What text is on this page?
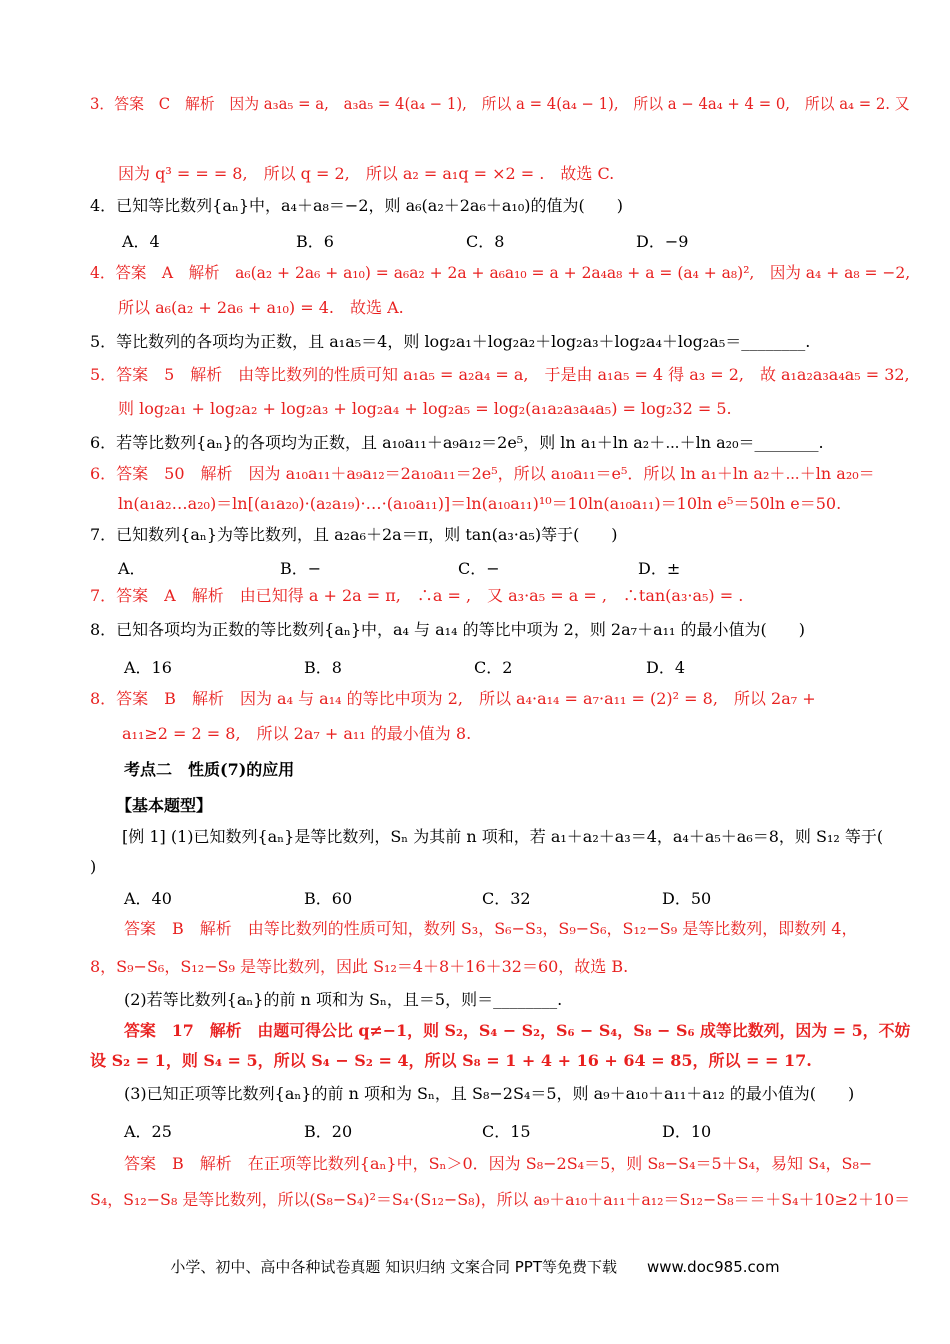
3．答案　C　解析　因为 a₃a₅ = a,　a₃a₅ = 4(a₄ − 1),　所以 a = 4(a₄ − 1),　所以 a − 4a₄ + 4 = 0,　所以 a₄ = 2. 又
因为 q³ = = = 8,　所以 q = 2,　所以 a₂ = a₁q = ×2 = .　故选 C.
4．已知等比数列{aₙ}中，a₄＋a₈＝−2，则 a₆(a₂＋2a₆＋a₁₀)的值为(　　)
A．4	B．6	C．8	D．−9
4．答案　A　解析　a₆(a₂ + 2a₆ + a₁₀) = a₆a₂ + 2a + a₆a₁₀ = a + 2a₄a₈ + a = (a₄ + a₈)²,　因为 a₄ + a₈ = −2,
所以 a₆(a₂ + 2a₆ + a₁₀) = 4.　故选 A.
5．等比数列的各项均为正数，且 a₁a₅＝4，则 log₂a₁＋log₂a₂＋log₂a₃＋log₂a₄＋log₂a₅＝________.
5．答案　5　解析　由等比数列的性质可知 a₁a₅ = a₂a₄ = a,　于是由 a₁a₅ = 4 得 a₃ = 2,　故 a₁a₂a₃a₄a₅ = 32,
则 log₂a₁ + log₂a₂ + log₂a₃ + log₂a₄ + log₂a₅ = log₂(a₁a₂a₃a₄a₅) = log₂32 = 5.
6．若等比数列{aₙ}的各项均为正数，且 a₁₀a₁₁＋a₉a₁₂＝2e⁵，则 ln a₁＋ln a₂＋⋯＋ln a₂₀＝________.
6．答案　50　解析　因为 a₁₀a₁₁＋a₉a₁₂＝2a₁₀a₁₁＝2e⁵，所以 a₁₀a₁₁＝e⁵．所以 ln a₁＋ln a₂＋⋯＋ln a₂₀＝
ln(a₁a₂…a₂₀)＝ln[(a₁a₂₀)·(a₂a₁₉)·…·(a₁₀a₁₁)]＝ln(a₁₀a₁₁)¹⁰＝10ln(a₁₀a₁₁)＝10ln e⁵＝50ln e＝50.
7．已知数列{aₙ}为等比数列，且 a₂a₆＋2a＝π，则 tan(a₃·a₅)等于(　　)
A．	B．−	C．−	D．±
7．答案　A　解析　由已知得 a + 2a = π,　∴a = ,　又 a₃·a₅ = a = ,　∴tan(a₃·a₅) = .
8．已知各项均为正数的等比数列{aₙ}中，a₄ 与 a₁₄ 的等比中项为 2，则 2a₇＋a₁₁ 的最小值为(　　)
A．16	B．8	C．2	D．4
8．答案　B　解析　因为 a₄ 与 a₁₄ 的等比中项为 2,　所以 a₄·a₁₄ = a₇·a₁₁ = (2)² = 8,　所以 2a₇ +
a₁₁≥2 = 2 = 8,　所以 2a₇ + a₁₁ 的最小值为 8.
考点二　性质(7)的应用
【基本题型】
[例 1] (1)已知数列{aₙ}是等比数列，Sₙ 为其前 n 项和，若 a₁＋a₂＋a₃＝4，a₄＋a₅＋a₆＝8，则 S₁₂ 等于(
)
A．40	B．60	C．32	D．50
答案　B　解析　由等比数列的性质可知，数列 S₃，S₆−S₃，S₉−S₆，S₁₂−S₉ 是等比数列，即数列 4，
8，S₉−S₆，S₁₂−S₉ 是等比数列，因此 S₁₂＝4＋8＋16＋32＝60，故选 B.
(2)若等比数列{aₙ}的前 n 项和为 Sₙ，且＝5，则＝________.
答案　17　解析　由题可得公比 q≠−1，则 S₂，S₄ − S₂，S₆ − S₄，S₈ − S₆ 成等比数列，因为 = 5，不妨
设 S₂ = 1，则 S₄ = 5，所以 S₄ − S₂ = 4，所以 S₈ = 1 + 4 + 16 + 64 = 85，所以 = = 17.
(3)已知正项等比数列{aₙ}的前 n 项和为 Sₙ，且 S₈−2S₄＝5，则 a₉＋a₁₀＋a₁₁＋a₁₂ 的最小值为(　　)
A．25	B．20	C．15	D．10
答案　B　解析　在正项等比数列{aₙ}中，Sₙ＞0．因为 S₈−2S₄＝5，则 S₈−S₄＝5＋S₄，易知 S₄，S₈−
S₄，S₁₂−S₈ 是等比数列，所以(S₈−S₄)²＝S₄·(S₁₂−S₈)，所以 a₉＋a₁₀＋a₁₁＋a₁₂＝S₁₂−S₈＝＝＋S₄＋10≥2＋10＝
小学、初中、高中各种试卷真题 知识归纳 文案合同 PPT等免费下载　　www.doc985.com
